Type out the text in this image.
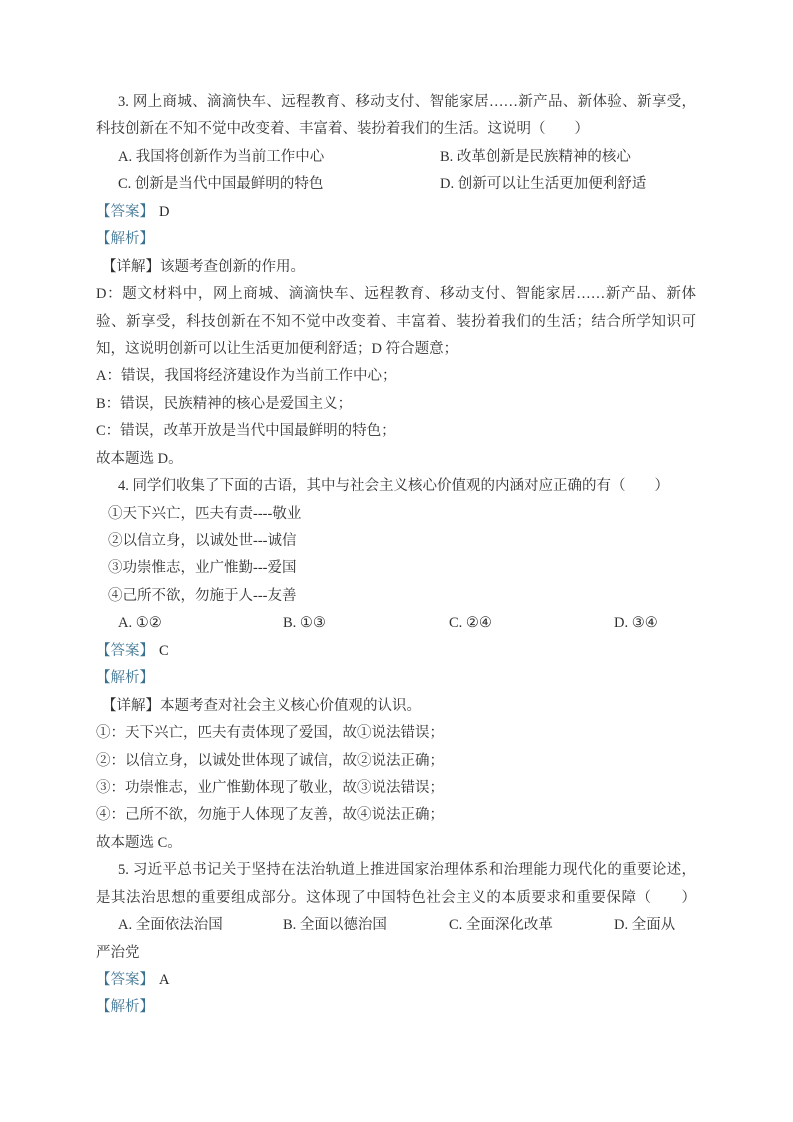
3. 网上商城、滴滴快车、远程教育、移动支付、智能家居……新产品、新体验、新享受，
科技创新在不知不觉中改变着、丰富着、装扮着我们的生活。这说明（　　）
A. 我国将创新作为当前工作中心	B. 改革创新是民族精神的核心
C. 创新是当代中国最鲜明的特色	D. 创新可以让生活更加便利舒适
【答案】 D
【解析】
【详解】该题考查创新的作用。
D：题文材料中，网上商城、滴滴快车、远程教育、移动支付、智能家居……新产品、新体
验、新享受，科技创新在不知不觉中改变着、丰富着、装扮着我们的生活；结合所学知识可
知，这说明创新可以让生活更加便利舒适；D 符合题意；
A：错误，我国将经济建设作为当前工作中心；
B：错误，民族精神的核心是爱国主义；
C：错误，改革开放是当代中国最鲜明的特色；
故本题选 D。
4. 同学们收集了下面的古语，其中与社会主义核心价值观的内涵对应正确的有（　　）
①天下兴亡，匹夫有责----敬业
②以信立身，以诚处世---诚信
③功崇惟志，业广惟勤---爱国
④己所不欲，勿施于人---友善
A. ①②	B. ①③	C. ②④	D. ③④
【答案】 C
【解析】
【详解】本题考查对社会主义核心价值观的认识。
①：天下兴亡，匹夫有责体现了爱国，故①说法错误；
②：以信立身，以诚处世体现了诚信，故②说法正确；
③：功崇惟志，业广惟勤体现了敬业，故③说法错误；
④：己所不欲，勿施于人体现了友善，故④说法正确；
故本题选 C。
5. 习近平总书记关于坚持在法治轨道上推进国家治理体系和治理能力现代化的重要论述，
是其法治思想的重要组成部分。这体现了中国特色社会主义的本质要求和重要保障（　　）
A. 全面依法治国	B. 全面以德治国	C. 全面深化改革	D. 全面从
严治党
【答案】 A
【解析】
